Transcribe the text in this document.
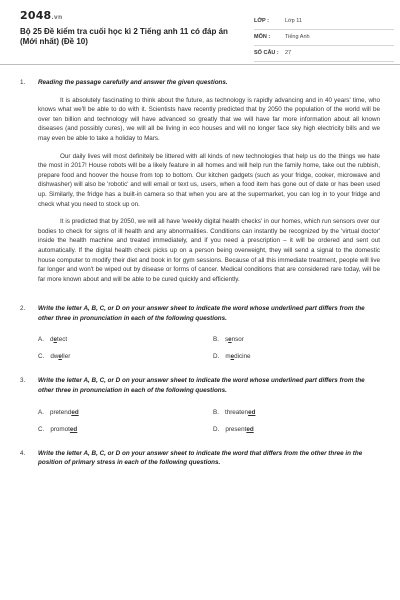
2048.vn
Bộ 25 Đề kiểm tra cuối học kì 2 Tiếng anh 11 có đáp án (Mới nhất) (Đề 10)
LỚP :	Lớp 11
MÔN :	Tiếng Anh
SỐ CÂU : 27
1. Reading the passage carefully and answer the given questions.

It is absolutely fascinating to think about the future, as technology is rapidly advancing and in 40 years' time, who knows what we'll be able to do with it. Scientists have recently predicted that by 2050 the population of the world will be over ten billion and technology will have advanced so greatly that we will have far more information about all known diseases (and possibly cures), we will all be living in eco houses and will no longer face sky high electricity bills and we may even be able to take a holiday to Mars.

Our daily lives will most definitely be littered with all kinds of new technologies that help us do the things we hate the most in 2017! House robots will be a likely feature in all homes and will help run the family home, take out the rubbish, prepare food and hoover the house from top to bottom. Our kitchen gadgets (such as your fridge, cooker, microwave and dishwasher) will also be 'robotic' and will email or text us, users, when a food item has gone out of date or has been used up. Similarly, the fridge has a built-in camera so that when you are at the supermarket, you can log in to your fridge and check what you need to stock up on.

It is predicted that by 2050, we will all have 'weekly digital health checks' in our homes, which run sensors over our bodies to check for signs of ill health and any abnormalities. Conditions can instantly be recognized by the 'virtual doctor' inside the health machine and treated immediately, and if you need a prescription – it will be ordered and sent out automatically. If the digital health check picks up on a person being overweight, they will send a signal to the domestic house computer to modify their diet and book in for gym sessions. Because of all this immediate treatment, people will live far longer and won't be wiped out by disease or forms of cancer. Medical conditions that are considered rare today, will be far more known about and will be able to be cured quickly and efficiently.

2. Write the letter A, B, C, or D on your answer sheet to indicate the word whose underlined part differs from the other three in pronunciation in each of the following questions.
A. detect	B. sensor
C. dweller	D. medicine
3. Write the letter A, B, C, or D on your answer sheet to indicate the word whose underlined part differs from the other three in pronunciation in each of the following questions.
A. pretended	B. threatened
C. promoted	D. presented
4. Write the letter A, B, C, or D on your answer sheet to indicate the word that differs from the other three in the position of primary stress in each of the following questions.
